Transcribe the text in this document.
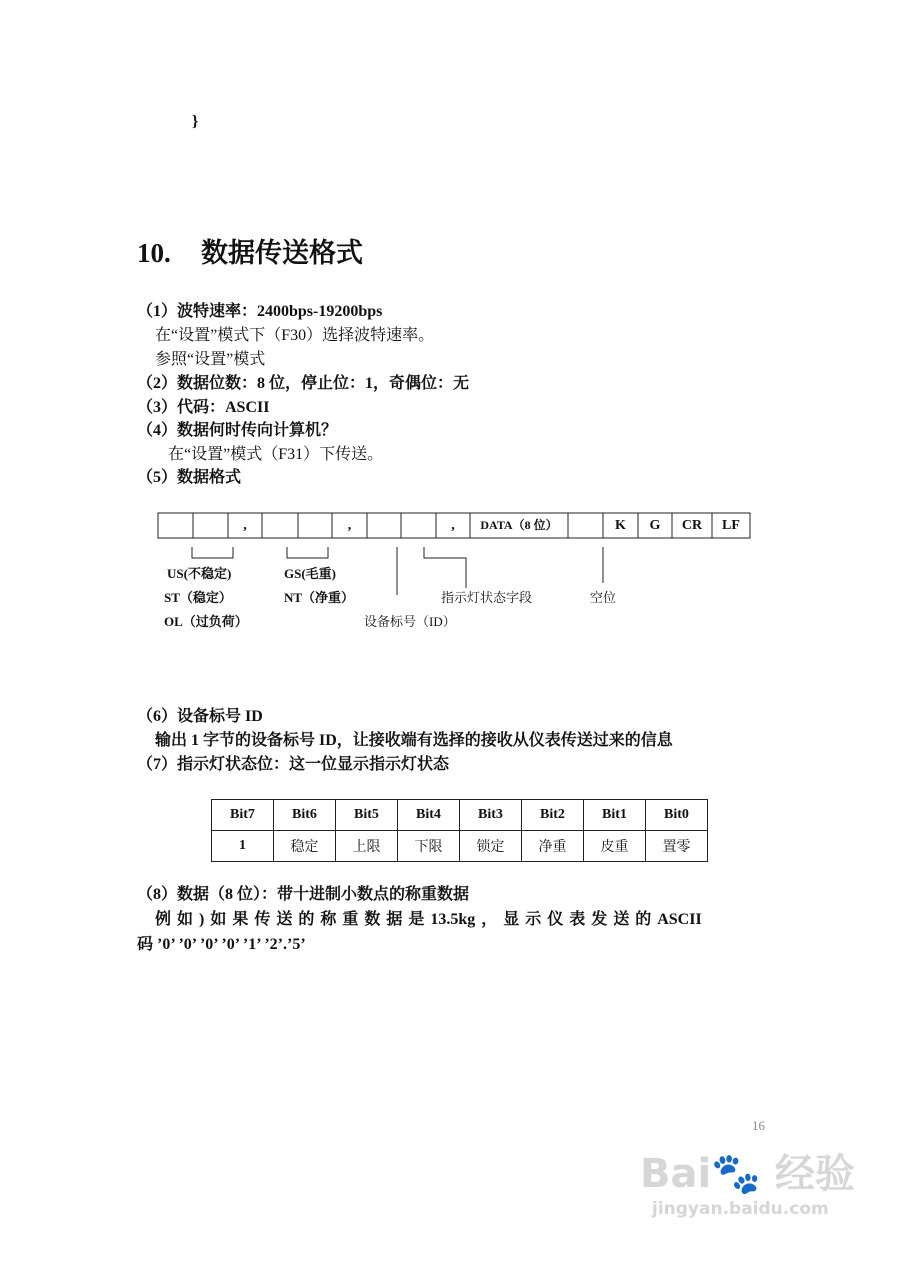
}
10. 数据传送格式
（1）波特速率：2400bps-19200bps
在“设置”模式下（F30）选择波特速率。
参照“设置”模式
（2）数据位数：8 位，停止位：1，奇偶位：无
（3）代码：ASCII
（4）数据何时传向计算机？
在“设置”模式（F31）下传送。
（5）数据格式
,	,	,	DATA（8 位）	K	G	CR	LF
US(不稳定)
ST（稳定）
OL（过负荷）
GS(毛重)
NT（净重）
设备标号（ID）
指示灯状态字段	空位
（6）设备标号 ID
输出 1 字节的设备标号 ID，让接收端有选择的接收从仪表传送过来的信息
（7）指示灯状态位：这一位显示指示灯状态
Bit7	Bit6	Bit5	Bit4	Bit3	Bit2	Bit1	Bit0
1	稳定	上限	下限	锁定	净重	皮重	置零
（8）数据（8 位）：带十进制小数点的称重数据
例 如 ) 如 果 传 送 的 称 重 数 据 是 13.5kg ， 显 示 仪 表 发 送 的 ASCII
码 ’0’ ’0’ ’0’ ’0’ ’1’ ’2’.’5’
16
Bai🐾 经验
jingyan.baidu.com
